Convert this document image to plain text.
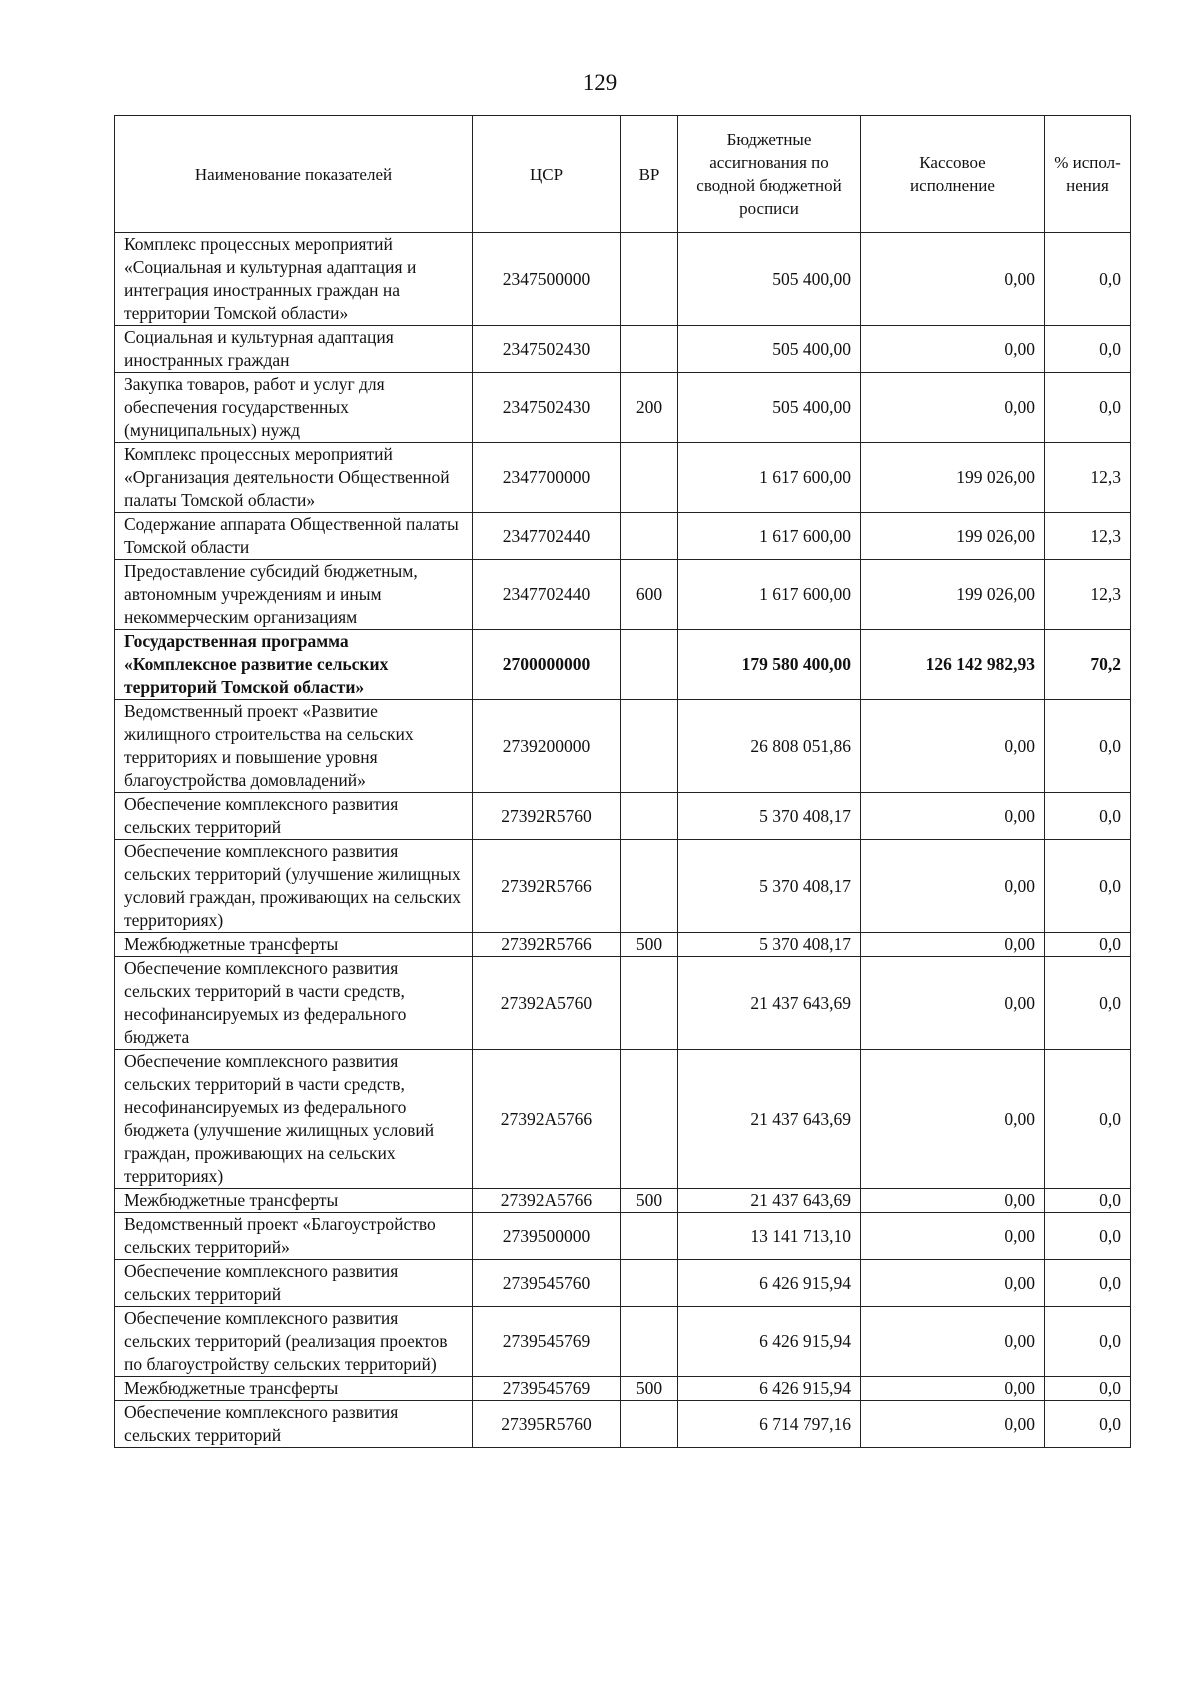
129
Наименование показателей	ЦСР	ВР	Бюджетные ассигнования по сводной бюджетной росписи	Кассовое исполнение	% испол-нения
Комплекс процессных мероприятий «Социальная и культурная адаптация и интеграция иностранных граждан на территории Томской области»	2347500000		505 400,00	0,00	0,0
Социальная и культурная адаптация иностранных граждан	2347502430		505 400,00	0,00	0,0
Закупка товаров, работ и услуг для обеспечения государственных (муниципальных) нужд	2347502430	200	505 400,00	0,00	0,0
Комплекс процессных мероприятий «Организация деятельности Общественной палаты Томской области»	2347700000		1 617 600,00	199 026,00	12,3
Содержание аппарата Общественной палаты Томской области	2347702440		1 617 600,00	199 026,00	12,3
Предоставление субсидий бюджетным, автономным учреждениям и иным некоммерческим организациям	2347702440	600	1 617 600,00	199 026,00	12,3
Государственная программа «Комплексное развитие сельских территорий Томской области»	2700000000		179 580 400,00	126 142 982,93	70,2
Ведомственный проект «Развитие жилищного строительства на сельских территориях и повышение уровня благоустройства домовладений»	2739200000		26 808 051,86	0,00	0,0
Обеспечение комплексного развития сельских территорий	27392R5760		5 370 408,17	0,00	0,0
Обеспечение комплексного развития сельских территорий (улучшение жилищных условий граждан, проживающих на сельских территориях)	27392R5766		5 370 408,17	0,00	0,0
Межбюджетные трансферты	27392R5766	500	5 370 408,17	0,00	0,0
Обеспечение комплексного развития сельских территорий в части средств, несофинансируемых из федерального бюджета	27392A5760		21 437 643,69	0,00	0,0
Обеспечение комплексного развития сельских территорий в части средств, несофинансируемых из федерального бюджета (улучшение жилищных условий граждан, проживающих на сельских территориях)	27392A5766		21 437 643,69	0,00	0,0
Межбюджетные трансферты	27392A5766	500	21 437 643,69	0,00	0,0
Ведомственный проект «Благоустройство сельских территорий»	2739500000		13 141 713,10	0,00	0,0
Обеспечение комплексного развития сельских территорий	2739545760		6 426 915,94	0,00	0,0
Обеспечение комплексного развития сельских территорий (реализация проектов по благоустройству сельских территорий)	2739545769		6 426 915,94	0,00	0,0
Межбюджетные трансферты	2739545769	500	6 426 915,94	0,00	0,0
Обеспечение комплексного развития сельских территорий	27395R5760		6 714 797,16	0,00	0,0
